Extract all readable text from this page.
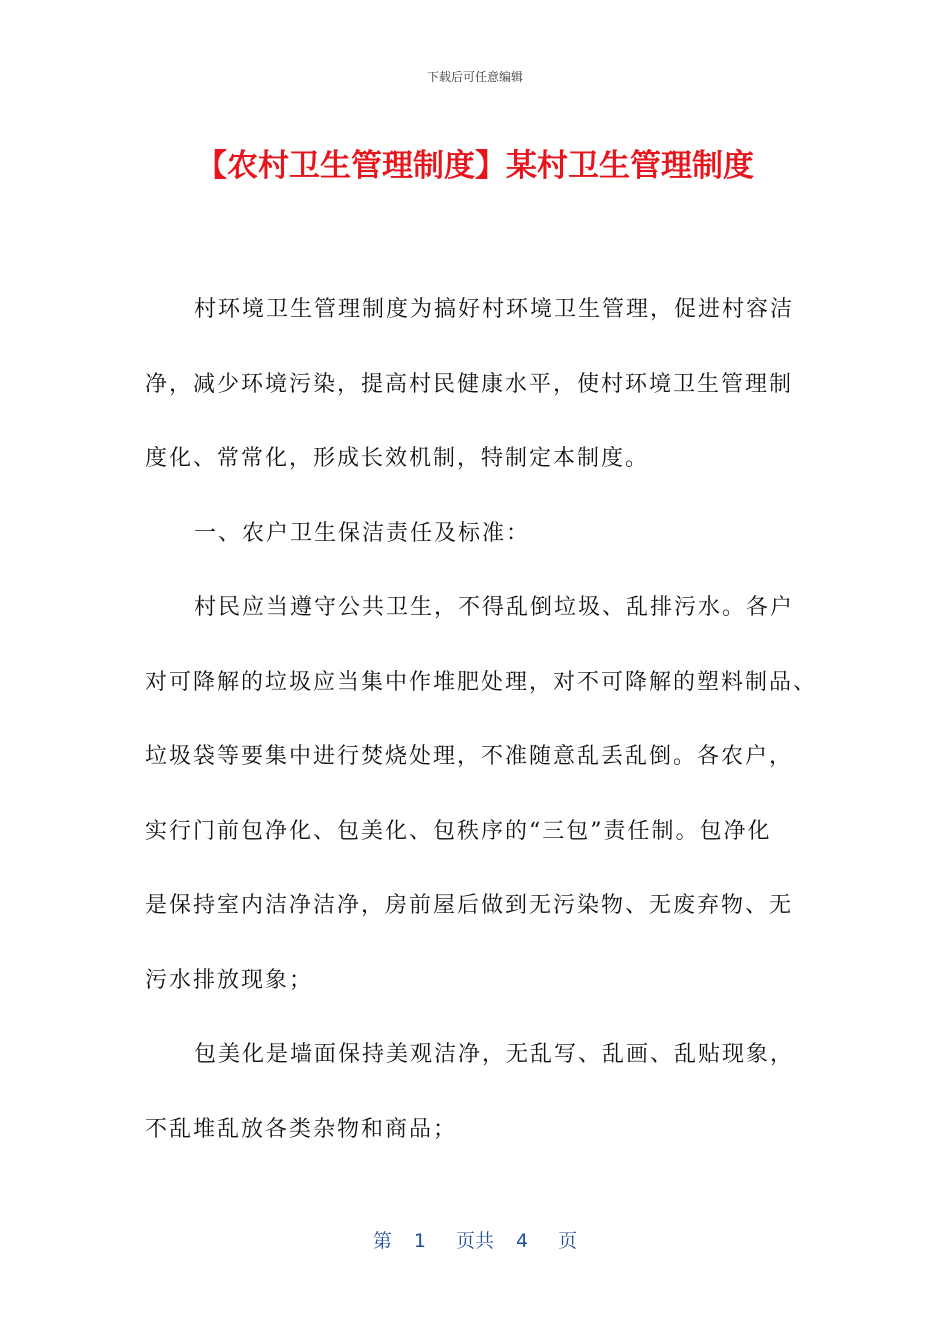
下载后可任意编辑
【农村卫生管理制度】某村卫生管理制度

村环境卫生管理制度为搞好村环境卫生管理，促进村容洁

净，减少环境污染，提高村民健康水平，使村环境卫生管理制

度化、常常化，形成长效机制，特制定本制度。

一、农户卫生保洁责任及标准：

村民应当遵守公共卫生，不得乱倒垃圾、乱排污水。各户

对可降解的垃圾应当集中作堆肥处理，对不可降解的塑料制品、

垃圾袋等要集中进行焚烧处理，不准随意乱丢乱倒。各农户，

实行门前包净化、包美化、包秩序的“三包”责任制。包净化

是保持室内洁净洁净，房前屋后做到无污染物、无废弃物、无

污水排放现象；

包美化是墙面保持美观洁净，无乱写、乱画、乱贴现象，

不乱堆乱放各类杂物和商品；

第 1 页共 4 页
